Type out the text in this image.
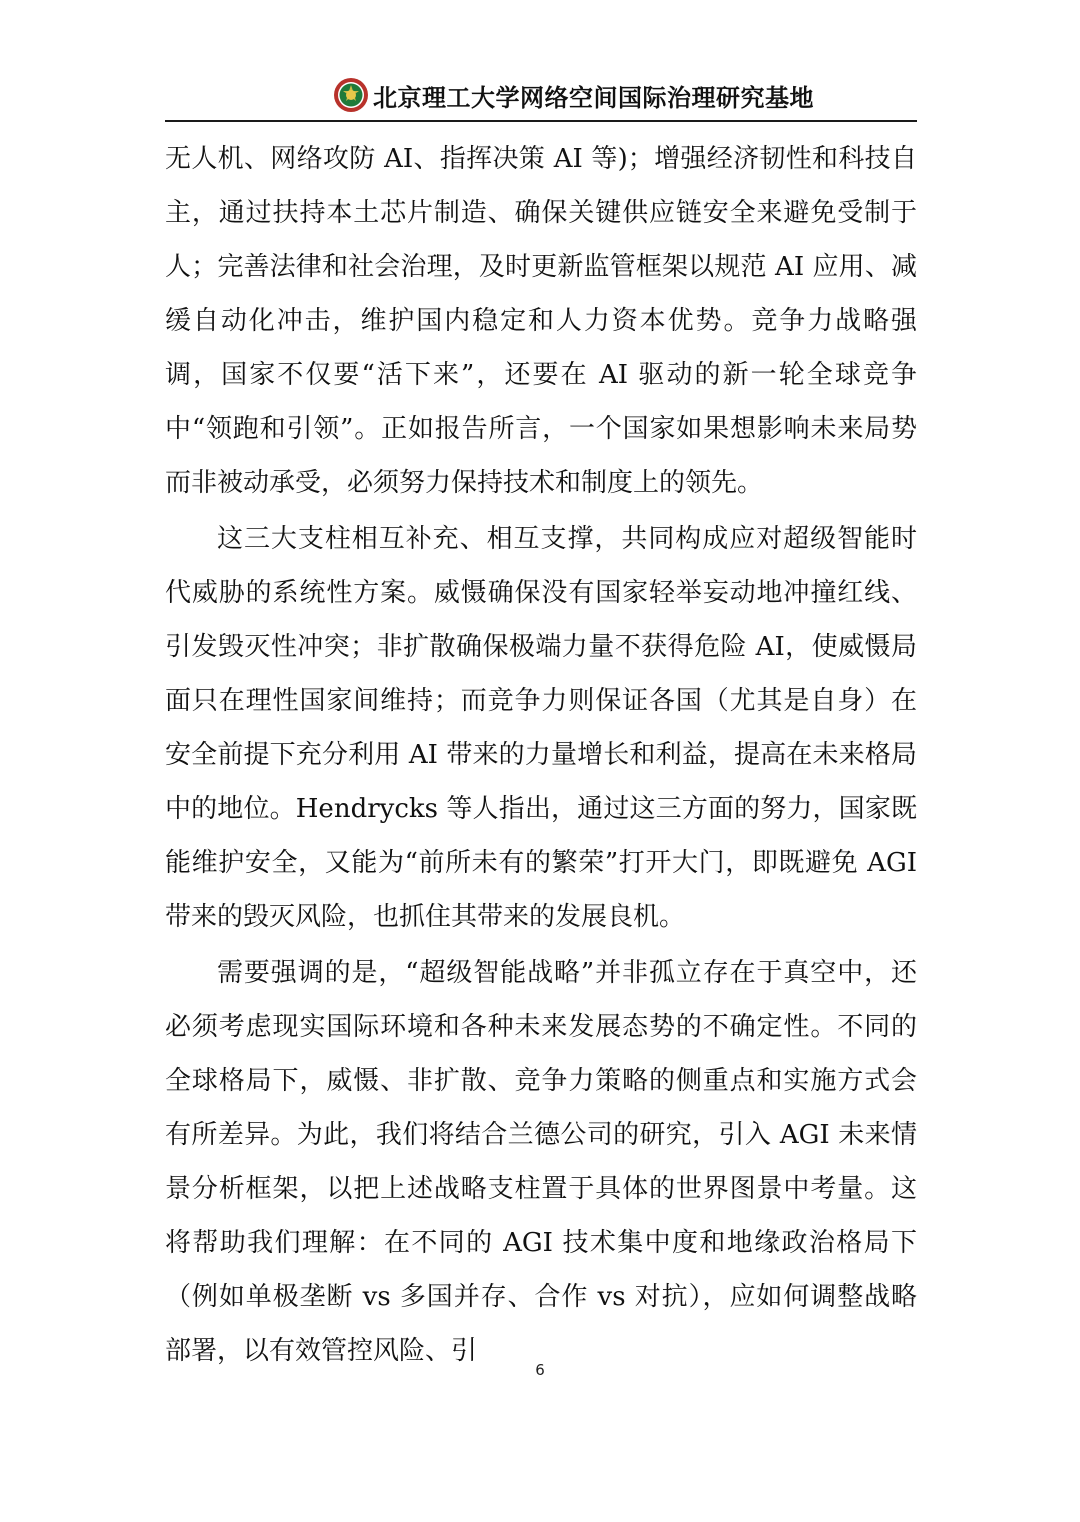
北京理工大学网络空间国际治理研究基地

无人机、网络攻防 AI、指挥决策 AI 等)；增强经济韧性和科技自主，通过扶持本土芯片制造、确保关键供应链安全来避免受制于人；完善法律和社会治理，及时更新监管框架以规范 AI 应用、减缓自动化冲击，维护国内稳定和人力资本优势。竞争力战略强调，国家不仅要“活下来”，还要在 AI 驱动的新一轮全球竞争中“领跑和引领”。正如报告所言，一个国家如果想影响未来局势而非被动承受，必须努力保持技术和制度上的领先。

这三大支柱相互补充、相互支撑，共同构成应对超级智能时代威胁的系统性方案。威慑确保没有国家轻举妄动地冲撞红线、引发毁灭性冲突；非扩散确保极端力量不获得危险 AI，使威慑局面只在理性国家间维持；而竞争力则保证各国（尤其是自身）在安全前提下充分利用 AI 带来的力量增长和利益，提高在未来格局中的地位。Hendrycks 等人指出，通过这三方面的努力，国家既能维护安全，又能为“前所未有的繁荣”打开大门，即既避免 AGI 带来的毁灭风险，也抓住其带来的发展良机。

需要强调的是，“超级智能战略”并非孤立存在于真空中，还必须考虑现实国际环境和各种未来发展态势的不确定性。不同的全球格局下，威慑、非扩散、竞争力策略的侧重点和实施方式会有所差异。为此，我们将结合兰德公司的研究，引入 AGI 未来情景分析框架，以把上述战略支柱置于具体的世界图景中考量。这将帮助我们理解：在不同的 AGI 技术集中度和地缘政治格局下（例如单极垄断 vs 多国并存、合作 vs 对抗），应如何调整战略部署，以有效管控风险、引

6
